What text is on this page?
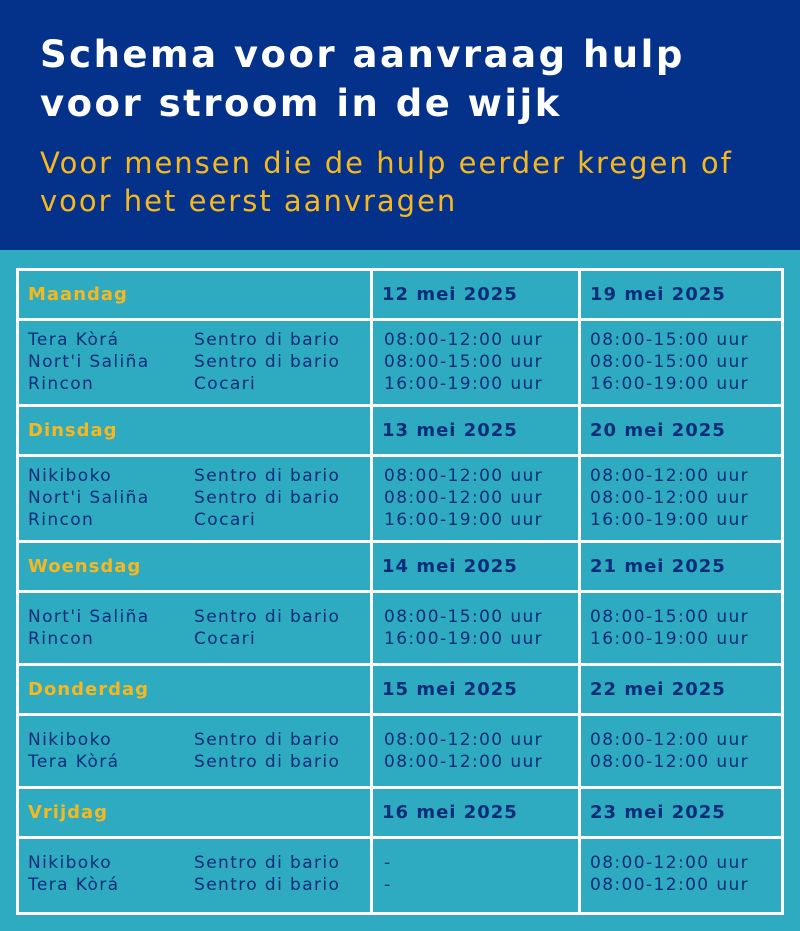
Schema voor aanvraag hulp voor stroom in de wijk

Voor mensen die de hulp eerder kregen of voor het eerst aanvragen

Maandag	12 mei 2025	19 mei 2025
Tera Kòrá	Sentro di bario	08:00-12:00 uur	08:00-15:00 uur
Nort'i Saliña	Sentro di bario	08:00-15:00 uur	08:00-15:00 uur
Rincon	Cocari	16:00-19:00 uur	16:00-19:00 uur
Dinsdag	13 mei 2025	20 mei 2025
Nikiboko	Sentro di bario	08:00-12:00 uur	08:00-12:00 uur
Nort'i Saliña	Sentro di bario	08:00-12:00 uur	08:00-12:00 uur
Rincon	Cocari	16:00-19:00 uur	16:00-19:00 uur
Woensdag	14 mei 2025	21 mei 2025
Nort'i Saliña	Sentro di bario	08:00-15:00 uur	08:00-15:00 uur
Rincon	Cocari	16:00-19:00 uur	16:00-19:00 uur
Donderdag	15 mei 2025	22 mei 2025
Nikiboko	Sentro di bario	08:00-12:00 uur	08:00-12:00 uur
Tera Kòrá	Sentro di bario	08:00-12:00 uur	08:00-12:00 uur
Vrijdag	16 mei 2025	23 mei 2025
Nikiboko	Sentro di bario	-	08:00-12:00 uur
Tera Kòrá	Sentro di bario	-	08:00-12:00 uur
